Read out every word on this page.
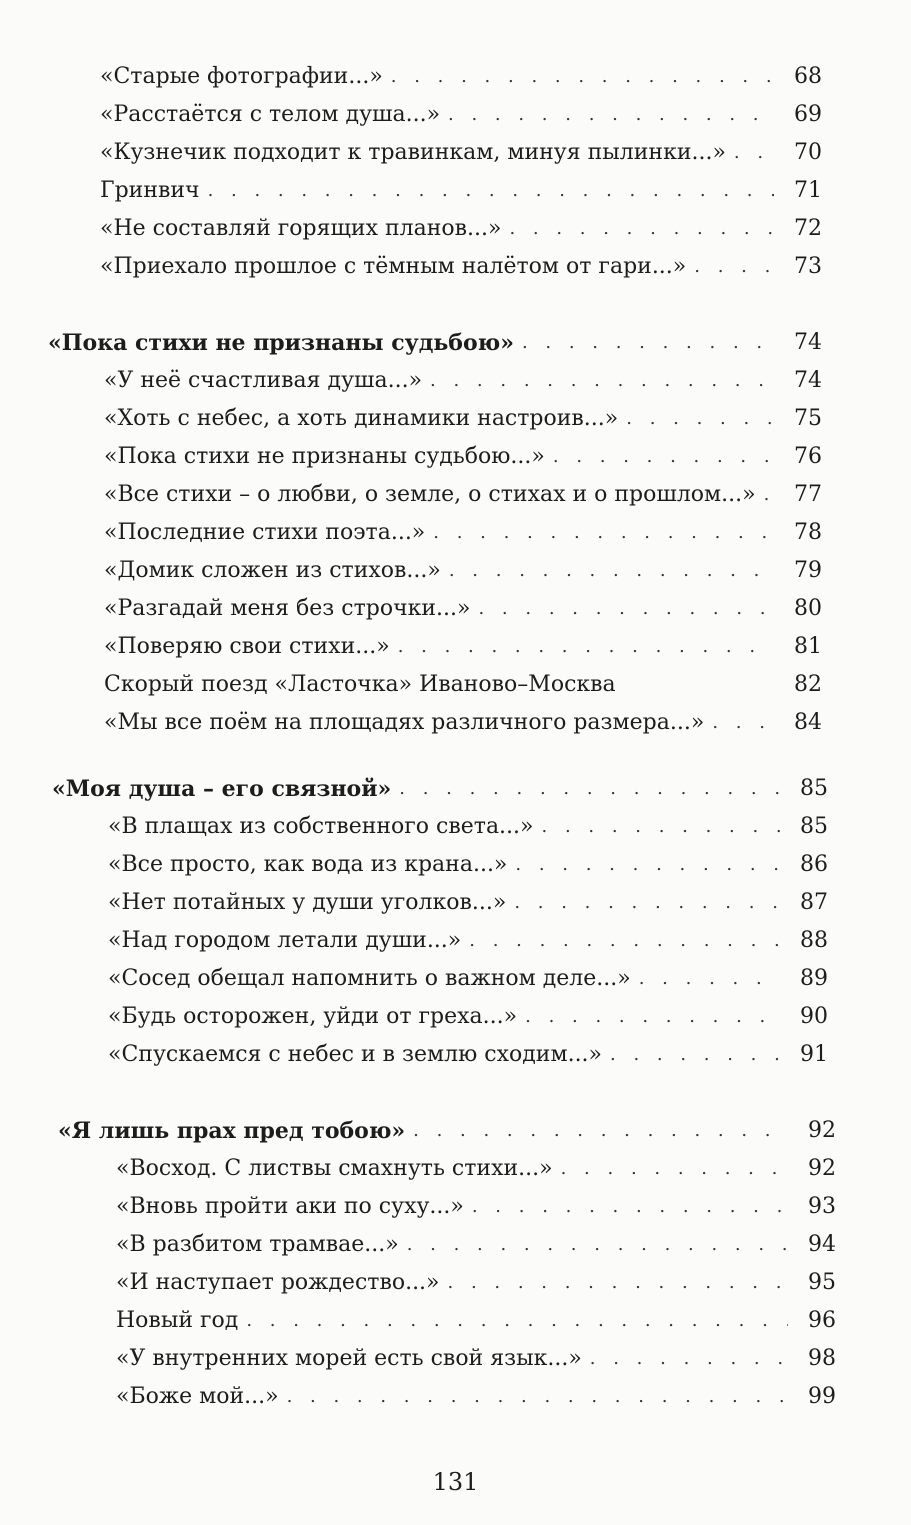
«Старые фотографии...» . . .	68
«Расстаётся с телом душа...» . . .	69
«Кузнечик подходит к травинкам, минуя пылинки...» . . .	70
Гринвич . . .	71
«Не составляй горящих планов...» . . .	72
«Приехало прошлое с тёмным налётом от гари...» . . .	73
«Пока стихи не признаны судьбою» . . .	74
«У неё счастливая душа...» . . .	74
«Хоть с небес, а хоть динамики настроив...» . . .	75
«Пока стихи не признаны судьбою...» . . .	76
«Все стихи – о любви, о земле, о стихах и о прошлом...» . . .	77
«Последние стихи поэта...» . . .	78
«Домик сложен из стихов...» . . .	79
«Разгадай меня без строчки...» . . .	80
«Поверяю свои стихи...» . . .	81
Скорый поезд «Ласточка» Иваново–Москва	82
«Мы все поём на площадях различного размера...» . . .	84
«Моя душа – его связной» . . .	85
«В плащах из собственного света...» . . .	85
«Все просто, как вода из крана...» . . .	86
«Нет потайных у души уголков...» . . .	87
«Над городом летали души...» . . .	88
«Сосед обещал напомнить о важном деле...» . . .	89
«Будь осторожен, уйди от греха...» . . .	90
«Спускаемся с небес и в землю сходим...» . . .	91
«Я лишь прах пред тобою» . . .	92
«Восход. С листвы смахнуть стихи...» . . .	92
«Вновь пройти аки по суху...» . . .	93
«В разбитом трамвае...» . . .	94
«И наступает рождество...» . . .	95
Новый год . . .	96
«У внутренних морей есть свой язык...» . . .	98
«Боже мой...» . . .	99
131
